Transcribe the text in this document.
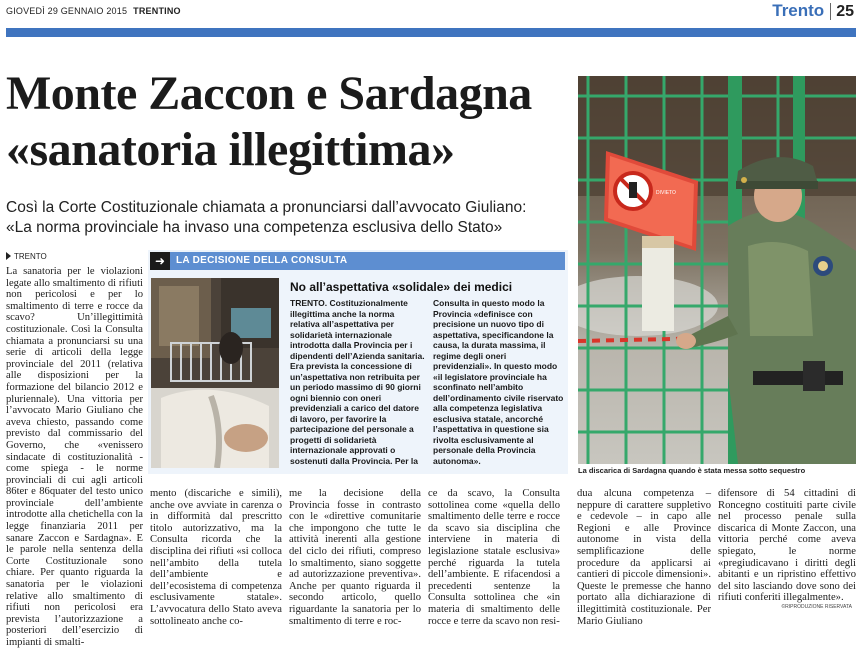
GIOVEDÌ 29 GENNAIO 2015 TRENTINO	Trento 25
Monte Zaccon e Sardagna
«sanatoria illegittima»
Così la Corte Costituzionale chiamata a pronunciarsi dall’avvocato Giuliano:
«La norma provinciale ha invaso una competenza esclusiva dello Stato»
DIVIETO
La discarica di Sardagna quando è stata messa sotto sequestro
TRENTO
La sanatoria per le violazioni legate allo smaltimento di rifiuti non pericolosi e per lo smaltimento di terre e rocce da scavo? Un’illegittimità costituzionale. Così la Consulta chiamata a pronunciarsi su una serie di articoli della legge provinciale del 2011 (relativa alle disposizioni per la formazione del bilancio 2012 e pluriennale). Una vittoria per l’avvocato Mario Giuliano che aveva chiesto, passando come previsto dal commissario del Governo, che «venissero sindacate di costituzionalità - come spiega - le norme provinciali di cui agli articoli 86ter e 86quater del testo unico provinciale dell’ambiente introdotte alla chetichella con la legge finanziaria 2011 per sanare Zaccon e Sardagna». E le parole nella sentenza della Corte Costituzionale sono chiare. Per quanto riguarda la sanatoria per le violazioni relative allo smaltimento di rifiuti non pericolosi era prevista l’autorizzazione a posteriori dell’esercizio di impianti di smalti-
➜	LA DECISIONE DELLA CONSULTA
No all’aspettativa «solidale» dei medici
TRENTO. Costituzionalmente illegittima anche la norma relativa all’aspettativa per solidarietà internazionale introdotta dalla Provincia per i dipendenti dell’Azienda sanitaria. Era prevista la concessione di un’aspettativa non retribuita per un periodo massimo di 90 giorni ogni biennio con oneri previdenziali a carico del datore di lavoro, per favorire la partecipazione del personale a progetti di solidarietà internazionale approvati o sostenuti dalla Provincia. Per la
Consulta in questo modo la Provincia «definisce con precisione un nuovo tipo di aspettativa, specificandone la causa, la durata massima, il regime degli oneri previdenziali». In questo modo «il legislatore provinciale ha sconfinato nell’ambito dell’ordinamento civile riservato alla competenza legislativa esclusiva statale, ancorché l’aspettativa in questione sia rivolta esclusivamente al personale della Provincia autonoma».
mento (discariche e simili), anche ove avviate in carenza o in difformità dal prescritto titolo autorizzativo, ma la Consulta ricorda che la disciplina dei rifiuti «si colloca nell’ambito della tutela dell’ambiente e dell’ecosistema di competenza esclusivamente statale». L’avvocatura dello Stato aveva sottolineato anche co-
me la decisione della Provincia fosse in contrasto con le «direttive comunitarie che impongono che tutte le attività inerenti alla gestione del ciclo dei rifiuti, compreso lo smaltimento, siano soggette ad autorizzazione preventiva». Anche per quanto riguarda il secondo articolo, quello riguardante la sanatoria per lo smaltimento di terre e roc-
ce da scavo, la Consulta sottolinea come «quella dello smaltimento delle terre e rocce da scavo sia disciplina che interviene in materia di legislazione statale esclusiva» perché riguarda la tutela dell’ambiente. E rifacendosi a precedenti sentenze la Consulta sottolinea che «in materia di smaltimento delle rocce e terre da scavo non resi-
dua alcuna competenza – neppure di carattere suppletivo e cedevole – in capo alle Regioni e alle Province autonome in vista della semplificazione delle procedure da applicarsi ai cantieri di piccole dimensioni». Queste le premesse che hanno portato alla dichiarazione di illegittimità costituzionale. Per Mario Giuliano
difensore di 54 cittadini di Roncegno costituiti parte civile nel processo penale sulla discarica di Monte Zaccon, una vittoria perché come aveva spiegato, le norme «pregiudicavano i diritti degli abitanti e un ripristino effettivo del sito lasciando dove sono dei rifiuti conferiti illegalmente».
©RIPRODUZIONE RISERVATA
